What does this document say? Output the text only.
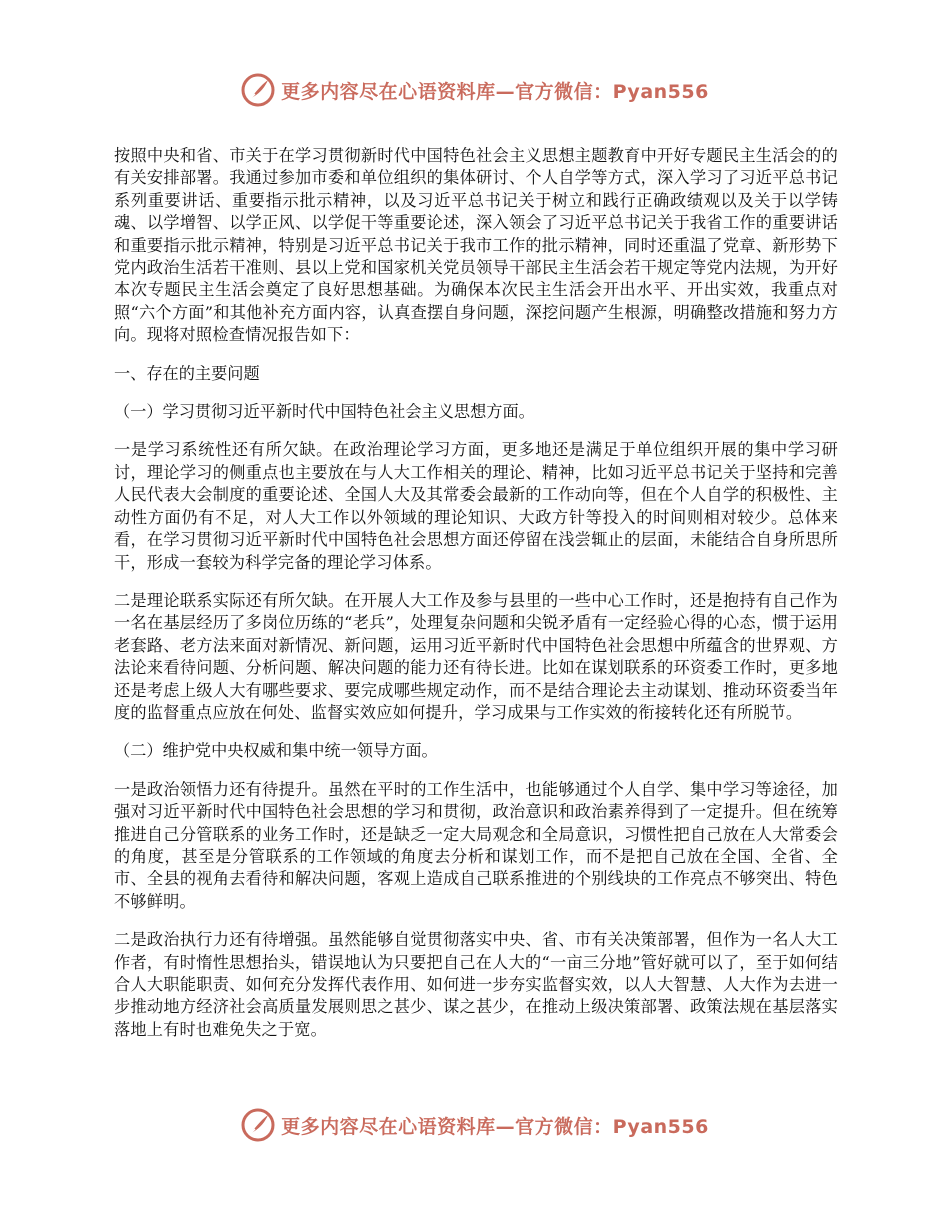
更多内容尽在心语资料库—官方微信：Pyan556

按照中央和省、市关于在学习贯彻新时代中国特色社会主义思想主题教育中开好专题民主生活会的的有关安排部署。我通过参加市委和单位组织的集体研讨、个人自学等方式，深入学习了习近平总书记系列重要讲话、重要指示批示精神，以及习近平总书记关于树立和践行正确政绩观以及关于以学铸魂、以学增智、以学正风、以学促干等重要论述，深入领会了习近平总书记关于我省工作的重要讲话和重要指示批示精神，特别是习近平总书记关于我市工作的批示精神，同时还重温了党章、新形势下党内政治生活若干准则、县以上党和国家机关党员领导干部民主生活会若干规定等党内法规，为开好本次专题民主生活会奠定了良好思想基础。为确保本次民主生活会开出水平、开出实效，我重点对照“六个方面”和其他补充方面内容，认真查摆自身问题，深挖问题产生根源，明确整改措施和努力方向。现将对照检查情况报告如下：

一、存在的主要问题

（一）学习贯彻习近平新时代中国特色社会主义思想方面。

一是学习系统性还有所欠缺。在政治理论学习方面，更多地还是满足于单位组织开展的集中学习研讨，理论学习的侧重点也主要放在与人大工作相关的理论、精神，比如习近平总书记关于坚持和完善人民代表大会制度的重要论述、全国人大及其常委会最新的工作动向等，但在个人自学的积极性、主动性方面仍有不足，对人大工作以外领域的理论知识、大政方针等投入的时间则相对较少。总体来看，在学习贯彻习近平新时代中国特色社会思想方面还停留在浅尝辄止的层面，未能结合自身所思所干，形成一套较为科学完备的理论学习体系。

二是理论联系实际还有所欠缺。在开展人大工作及参与县里的一些中心工作时，还是抱持有自己作为一名在基层经历了多岗位历练的“老兵”，处理复杂问题和尖锐矛盾有一定经验心得的心态，惯于运用老套路、老方法来面对新情况、新问题，运用习近平新时代中国特色社会思想中所蕴含的世界观、方法论来看待问题、分析问题、解决问题的能力还有待长进。比如在谋划联系的环资委工作时，更多地还是考虑上级人大有哪些要求、要完成哪些规定动作，而不是结合理论去主动谋划、推动环资委当年度的监督重点应放在何处、监督实效应如何提升，学习成果与工作实效的衔接转化还有所脱节。

（二）维护党中央权威和集中统一领导方面。

一是政治领悟力还有待提升。虽然在平时的工作生活中，也能够通过个人自学、集中学习等途径，加强对习近平新时代中国特色社会思想的学习和贯彻，政治意识和政治素养得到了一定提升。但在统筹推进自己分管联系的业务工作时，还是缺乏一定大局观念和全局意识，习惯性把自己放在人大常委会的角度，甚至是分管联系的工作领域的角度去分析和谋划工作，而不是把自己放在全国、全省、全市、全县的视角去看待和解决问题，客观上造成自己联系推进的个别线块的工作亮点不够突出、特色不够鲜明。

二是政治执行力还有待增强。虽然能够自觉贯彻落实中央、省、市有关决策部署，但作为一名人大工作者，有时惰性思想抬头，错误地认为只要把自己在人大的“一亩三分地”管好就可以了，至于如何结合人大职能职责、如何充分发挥代表作用、如何进一步夯实监督实效，以人大智慧、人大作为去进一步推动地方经济社会高质量发展则思之甚少、谋之甚少，在推动上级决策部署、政策法规在基层落实落地上有时也难免失之于宽。

更多内容尽在心语资料库—官方微信：Pyan556
